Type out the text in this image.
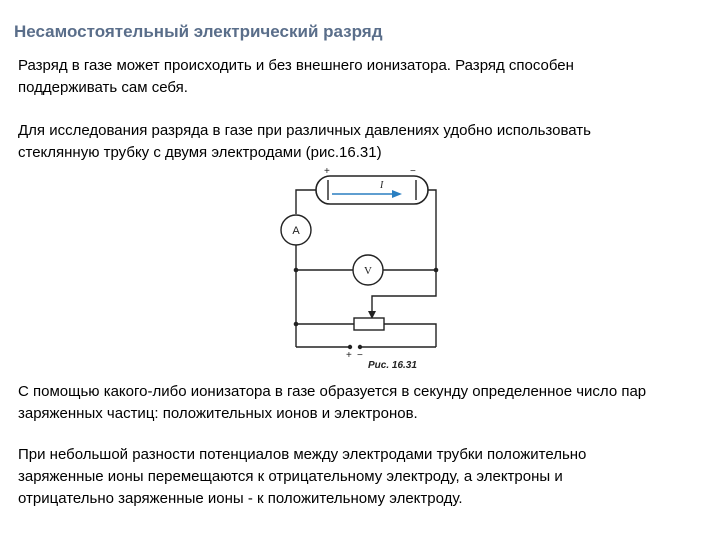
Несамостоятельный электрический разряд

Разряд в газе может происходить и без внешнего ионизатора. Разряд способен
поддерживать сам себя.

Для исследования разряда в газе при различных давлениях удобно использовать
стеклянную трубку с двумя электродами (рис.16.31)

+	−
I
A
V
+ −
Рис. 16.31

С помощью какого-либо ионизатора в газе образуется в секунду определенное число пар
заряженных частиц: положительных ионов и электронов.

При небольшой разности потенциалов между электродами трубки положительно
заряженные ионы перемещаются к отрицательному электроду, а электроны и
отрицательно заряженные ионы - к положительному электроду.
